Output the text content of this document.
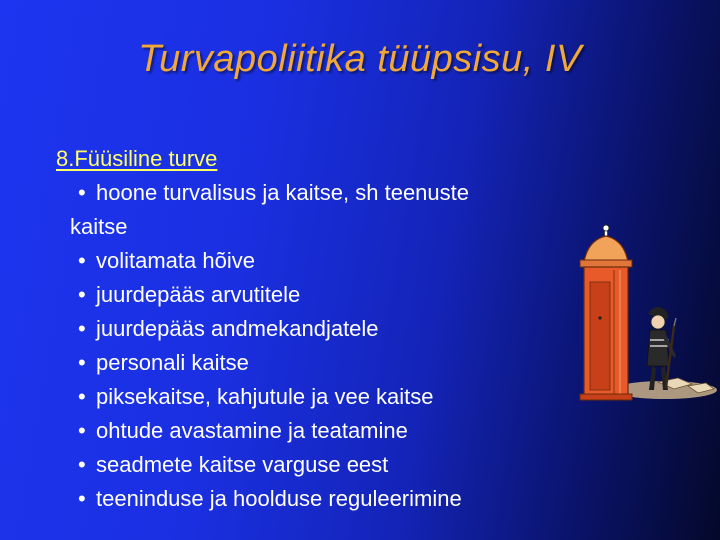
Turvapoliitika tüüpsisu, IV
8.Füüsiline turve
• hoone turvalisus ja kaitse, sh teenuste
kaitse
• volitamata hõive
• juurdepääs arvutitele
• juurdepääs andmekandjatele
• personali kaitse
• piksekaitse, kahjutule ja vee kaitse
• ohtude avastamine ja teatamine
• seadmete kaitse varguse eest
• teeninduse ja hoolduse reguleerimine
